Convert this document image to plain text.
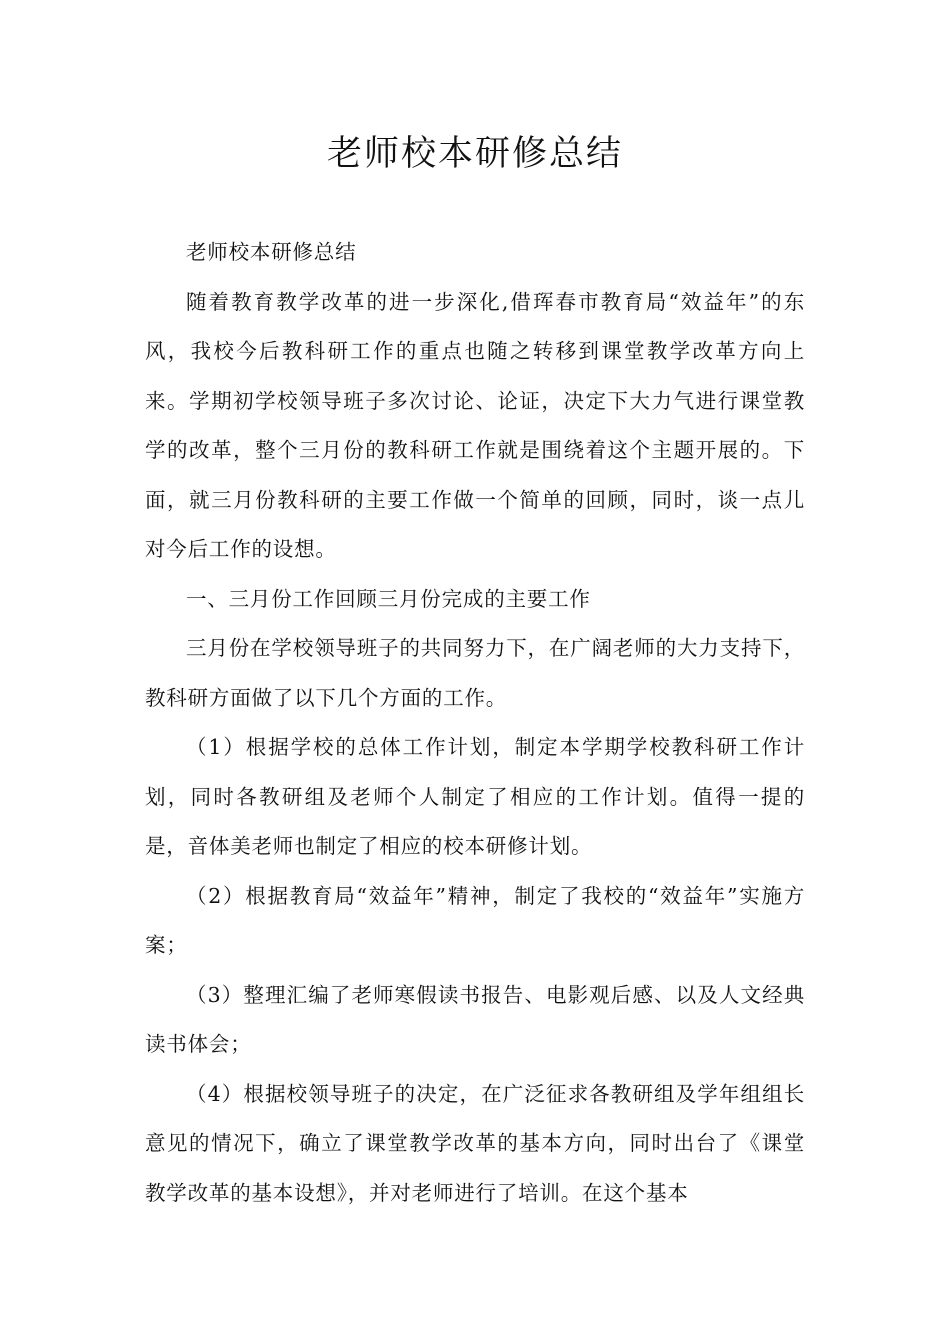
老师校本研修总结

老师校本研修总结

随着教育教学改革的进一步深化,借珲春市教育局“效益年”的东风，我校今后教科研工作的重点也随之转移到课堂教学改革方向上来。学期初学校领导班子多次讨论、论证，决定下大力气进行课堂教学的改革，整个三月份的教科研工作就是围绕着这个主题开展的。下面，就三月份教科研的主要工作做一个简单的回顾，同时，谈一点儿对今后工作的设想。

一、三月份工作回顾三月份完成的主要工作

三月份在学校领导班子的共同努力下，在广阔老师的大力支持下，教科研方面做了以下几个方面的工作。

（1）根据学校的总体工作计划，制定本学期学校教科研工作计划，同时各教研组及老师个人制定了相应的工作计划。值得一提的是，音体美老师也制定了相应的校本研修计划。

（2）根据教育局“效益年”精神，制定了我校的“效益年”实施方案；

（3）整理汇编了老师寒假读书报告、电影观后感、以及人文经典读书体会；

（4）根据校领导班子的决定，在广泛征求各教研组及学年组组长意见的情况下，确立了课堂教学改革的基本方向，同时出台了《课堂教学改革的基本设想》，并对老师进行了培训。在这个基本
